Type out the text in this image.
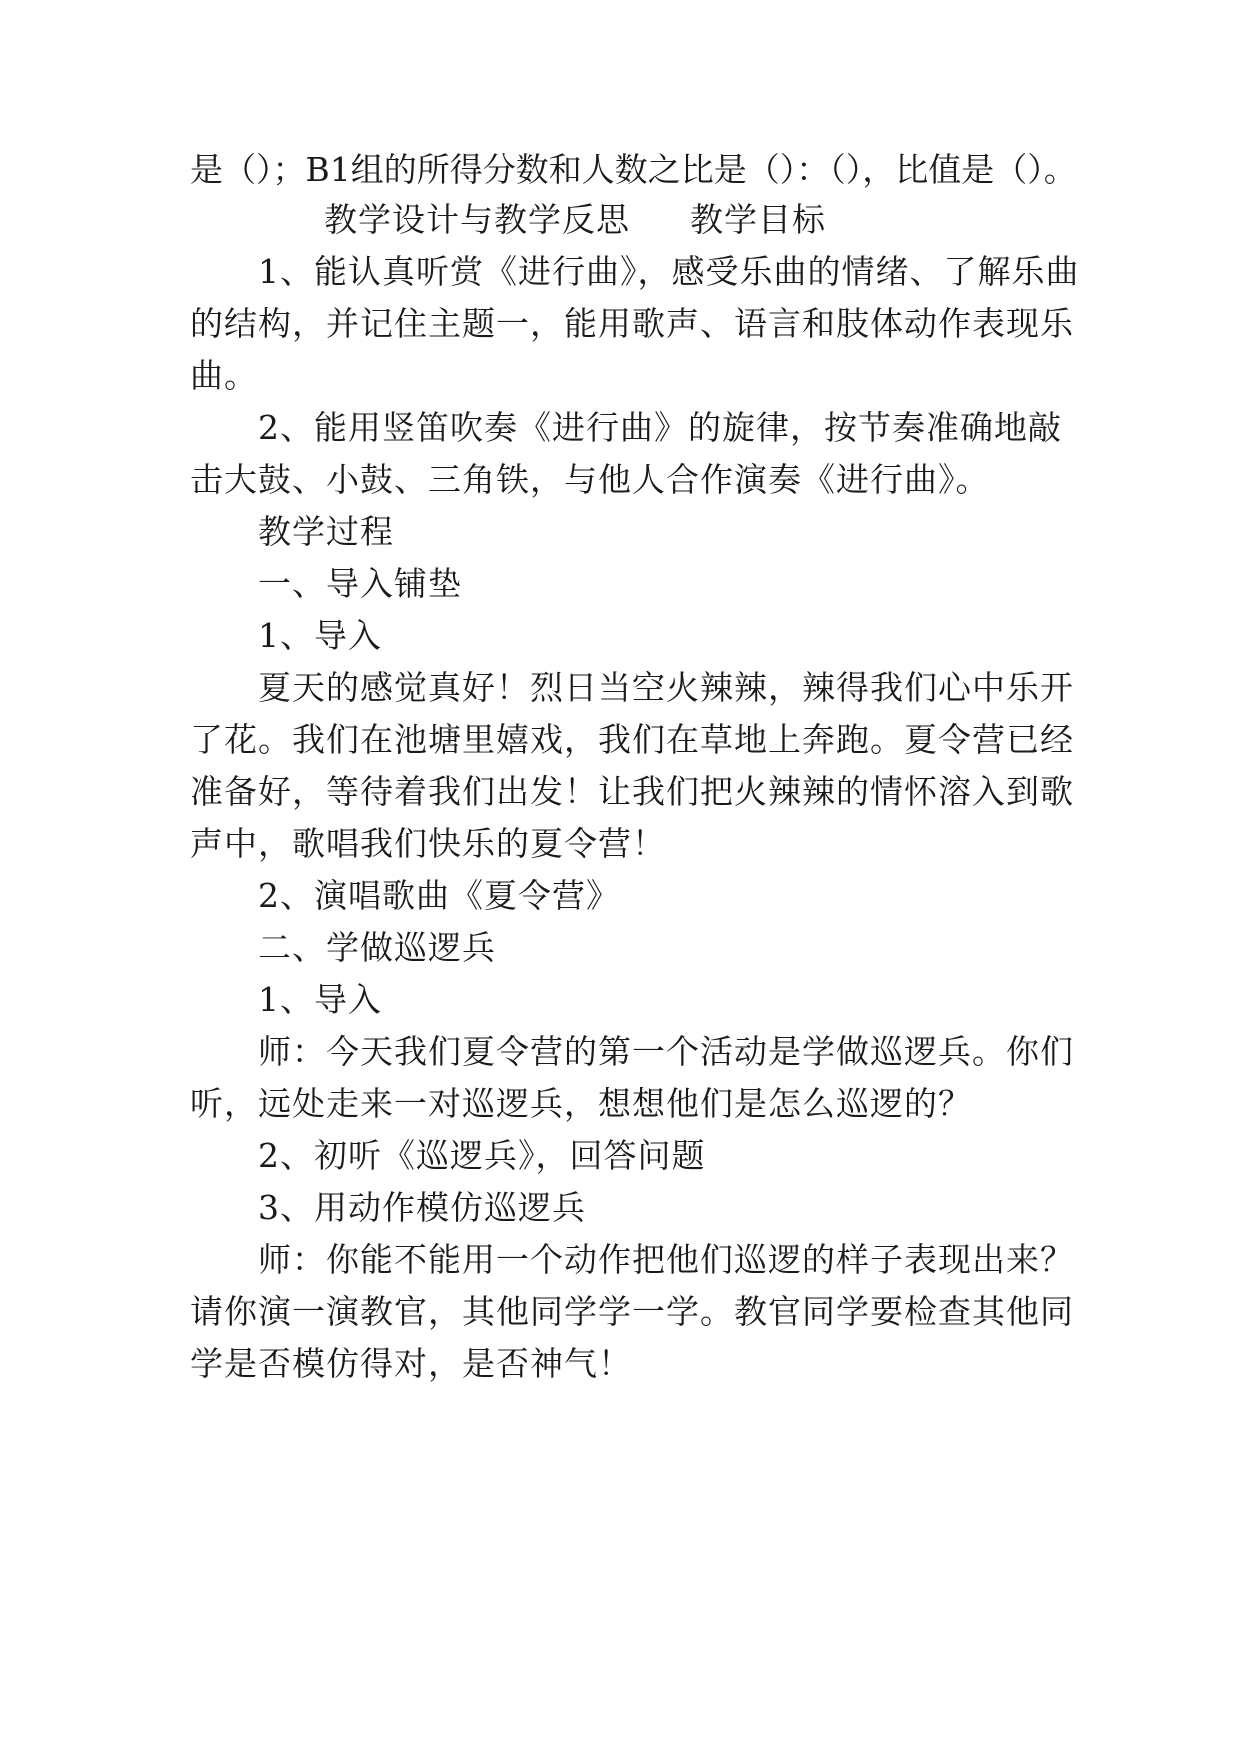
是（）；B1组的所得分数和人数之比是（）：（），比值是（）。
教学设计与教学反思 教学目标
1、能认真听赏《进行曲》，感受乐曲的情绪、了解乐曲
的结构，并记住主题一，能用歌声、语言和肢体动作表现乐
曲。
2、能用竖笛吹奏《进行曲》的旋律，按节奏准确地敲
击大鼓、小鼓、三角铁，与他人合作演奏《进行曲》。
教学过程
一、导入铺垫
1、导入
夏天的感觉真好！烈日当空火辣辣，辣得我们心中乐开
了花。我们在池塘里嬉戏，我们在草地上奔跑。夏令营已经
准备好，等待着我们出发！让我们把火辣辣的情怀溶入到歌
声中，歌唱我们快乐的夏令营！
2、演唱歌曲《夏令营》
二、学做巡逻兵
1、导入
师：今天我们夏令营的第一个活动是学做巡逻兵。你们
听，远处走来一对巡逻兵，想想他们是怎么巡逻的？
2、初听《巡逻兵》，回答问题
3、用动作模仿巡逻兵
师：你能不能用一个动作把他们巡逻的样子表现出来？
请你演一演教官，其他同学学一学。教官同学要检查其他同
学是否模仿得对，是否神气！
